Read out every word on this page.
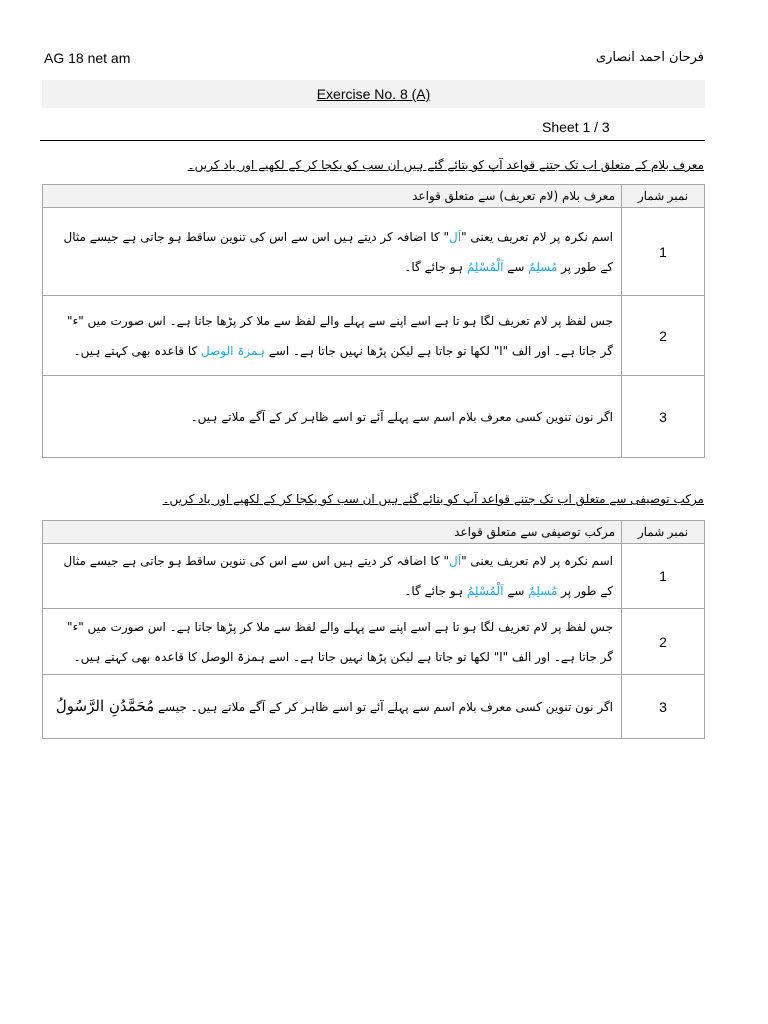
AG 18 net am	فرحان احمد انصاری
Exercise No. 8 (A)
Sheet 1 / 3
معرف بلام کے متعلق اب تک جتنے قواعد آپ کو بتائے گئے ہیں ان سب کو یکجا کر کے لکھیے اور یاد کریں۔
نمبر شمار	معرف بلام (لام تعریف) سے متعلق قواعد
1	اسم نکرہ پر لام تعریف یعنی "اَل" کا اضافہ کر دیتے ہیں اس سے اس کی تنوین ساقط ہو جاتی ہے جیسے مثال کے طور پر مُسلِمٌ سے اَلْمُسْلِمُ ہو جائے گا۔
2	جس لفظ پر لام تعریف لگا ہو تا ہے اسے اپنے سے پہلے والے لفظ سے ملا کر پڑھا جاتا ہے۔ اس صورت میں "ء" گر جاتا ہے۔ اور الف "ا" لکھا تو جاتا ہے لیکن پڑھا نہیں جاتا ہے۔ اسے ہمزۃ الوصل کا قاعدہ بھی کہتے ہیں۔
3	اگر نون تنوین کسی معرف بلام اسم سے پہلے آئے تو اسے ظاہر کر کے آگے ملاتے ہیں۔
مرکب توصیفی سے متعلق اب تک جتنے قواعد آپ کو بتائے گئے ہیں ان سب کو یکجا کر کے لکھیے اور یاد کریں۔
نمبر شمار	مرکب توصیفی سے متعلق قواعد
1	اسم نکرہ پر لام تعریف یعنی "اَل" کا اضافہ کر دیتے ہیں اس سے اس کی تنوین ساقط ہو جاتی ہے جیسے مثال کے طور پر مُسلِمٌ سے اَلْمُسْلِمُ ہو جائے گا۔
2	جس لفظ پر لام تعریف لگا ہو تا ہے اسے اپنے سے پہلے والے لفظ سے ملا کر پڑھا جاتا ہے۔ اس صورت میں "ء" گر جاتا ہے۔ اور الف "ا" لکھا تو جاتا ہے لیکن پڑھا نہیں جاتا ہے۔ اسے ہمزۃ الوصل کا قاعدہ بھی کہتے ہیں۔
3	اگر نون تنوین کسی معرف بلام اسم سے پہلے آئے تو اسے ظاہر کر کے آگے ملاتے ہیں۔ جیسے مُحَمَّدُنِ الرَّسُولُ
